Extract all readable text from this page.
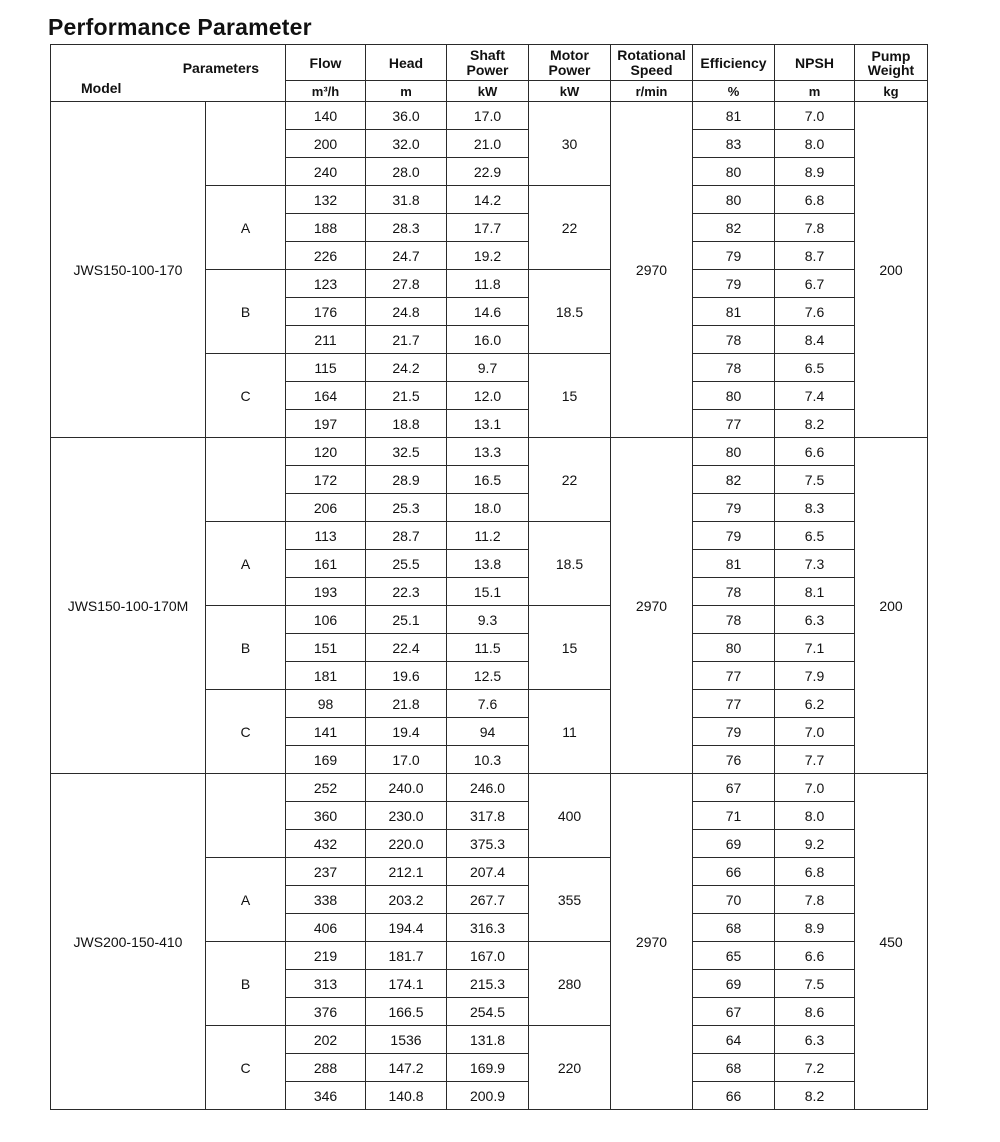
Performance Parameter
Parameters
Model		Flow	Head	Shaft Power	Motor Power	Rotational Speed	Efficiency	NPSH	Pump Weight
		m³/h	m	kW	kW	r/min	%	m	kg
JWS150-100-170		140	36.0	17.0	30	2970	81	7.0	200
		200	32.0	21.0			83	8.0	
		240	28.0	22.9			80	8.9	
	A	132	31.8	14.2	22		80	6.8	
		188	28.3	17.7			82	7.8	
		226	24.7	19.2			79	8.7	
	B	123	27.8	11.8	18.5		79	6.7	
		176	24.8	14.6			81	7.6	
		211	21.7	16.0			78	8.4	
	C	115	24.2	9.7	15		78	6.5	
		164	21.5	12.0			80	7.4	
		197	18.8	13.1			77	8.2	
JWS150-100-170M		120	32.5	13.3	22	2970	80	6.6	200
		172	28.9	16.5			82	7.5	
		206	25.3	18.0			79	8.3	
	A	113	28.7	11.2	18.5		79	6.5	
		161	25.5	13.8			81	7.3	
		193	22.3	15.1			78	8.1	
	B	106	25.1	9.3	15		78	6.3	
		151	22.4	11.5			80	7.1	
		181	19.6	12.5			77	7.9	
	C	98	21.8	7.6	11		77	6.2	
		141	19.4	94			79	7.0	
		169	17.0	10.3			76	7.7	
JWS200-150-410		252	240.0	246.0	400	2970	67	7.0	450
		360	230.0	317.8			71	8.0	
		432	220.0	375.3			69	9.2	
	A	237	212.1	207.4	355		66	6.8	
		338	203.2	267.7			70	7.8	
		406	194.4	316.3			68	8.9	
	B	219	181.7	167.0	280		65	6.6	
		313	174.1	215.3			69	7.5	
		376	166.5	254.5			67	8.6	
	C	202	1536	131.8	220		64	6.3	
		288	147.2	169.9			68	7.2	
		346	140.8	200.9			66	8.2	
